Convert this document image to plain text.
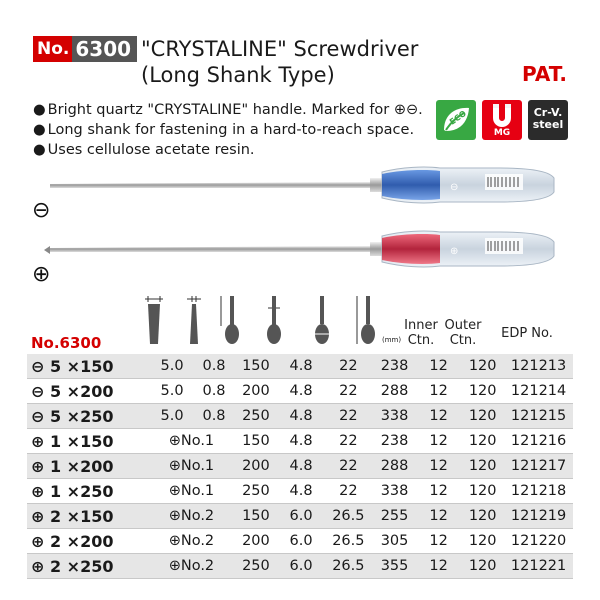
No. 6300 "CRYSTALINE" Screwdriver
(Long Shank Type)	PAT.
● Bright quartz "CRYSTALINE" handle. Marked for ⊕⊖.
● Long shank for fastening in a hard-to-reach space.
● Uses cellulose acetate resin.
ECO
MG
Cr-V.
steel
⊖
⊕
⊖
⊕
No.6300	(mm)
Inner
Ctn.
Outer
Ctn.	EDP No.
⊖ 5 ×150	5.0	0.8	150	4.8	22	238	12	120	121213
⊖ 5 ×200	5.0	0.8	200	4.8	22	288	12	120	121214
⊖ 5 ×250	5.0	0.8	250	4.8	22	338	12	120	121215
⊕ 1 ×150	⊕No.1		150	4.8	22	238	12	120	121216
⊕ 1 ×200	⊕No.1		200	4.8	22	288	12	120	121217
⊕ 1 ×250	⊕No.1		250	4.8	22	338	12	120	121218
⊕ 2 ×150	⊕No.2		150	6.0	26.5	255	12	120	121219
⊕ 2 ×200	⊕No.2		200	6.0	26.5	305	12	120	121220
⊕ 2 ×250	⊕No.2		250	6.0	26.5	355	12	120	121221
